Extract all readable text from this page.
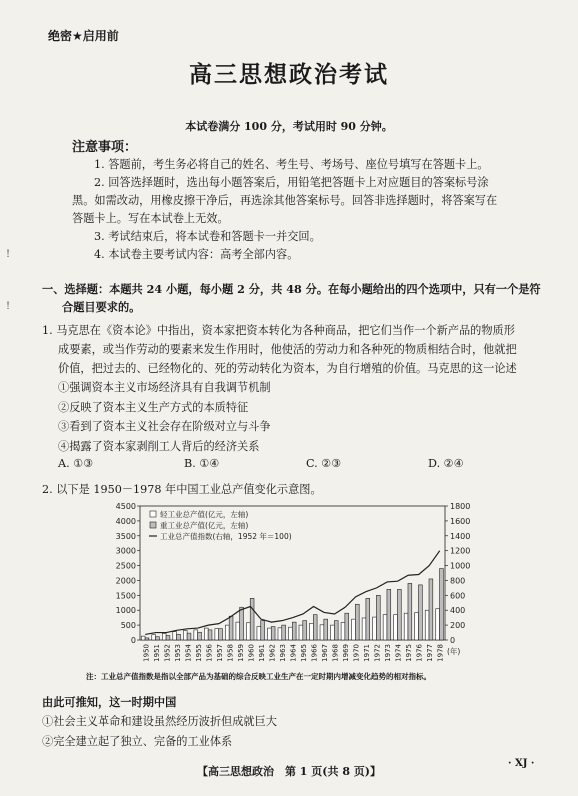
绝密★启用前
高三思想政治考试
本试卷满分 100 分，考试用时 90 分钟。
注意事项：
1. 答题前，考生务必将自己的姓名、考生号、考场号、座位号填写在答题卡上。
2. 回答选择题时，选出每小题答案后，用铅笔把答题卡上对应题目的答案标号涂
黑。如需改动，用橡皮擦干净后，再选涂其他答案标号。回答非选择题时，将答案写在
答题卡上。写在本试卷上无效。
3. 考试结束后，将本试卷和答题卡一并交回。
4. 本试卷主要考试内容：高考全部内容。
!
!
一、选择题：本题共 24 小题，每小题 2 分，共 48 分。在每小题给出的四个选项中，只有一个是符
合题目要求的。
1. 马克思在《资本论》中指出，资本家把资本转化为各种商品，把它们当作一个新产品的物质形
成要素，或当作劳动的要素来发生作用时，他使活的劳动力和各种死的物质相结合时，他就把
价值，把过去的、已经物化的、死的劳动转化为资本，为自行增殖的价值。马克思的这一论述
①强调资本主义市场经济具有自我调节机制
②反映了资本主义生产方式的本质特征
③看到了资本主义社会存在阶级对立与斗争
④揭露了资本家剥削工人背后的经济关系
A. ①③	B. ①④	C. ②③	D. ②④
2. 以下是 1950－1978 年中国工业总产值变化示意图。
0
500
1000
1500
2000
2500
3000
3500
4000
4500
0
200
400
600
800
1000
1200
1400
1600
1800
1950 1951 1952 1953 1954 1955 1956 1957 1958 1959 1960 1961 1962 1963 1964 1965 1966 1967 1968 1969 1970 1971 1972 1973 1974 1975 1976 1977 1978 (年)
轻工业总产值(亿元，左轴)
重工业总产值(亿元，左轴)
工业总产值指数(右轴，1952 年＝100)
注：工业总产值指数是指以全部产品为基础的综合反映工业生产在一定时期内增减变化趋势的相对指标。
由此可推知，这一时期中国
①社会主义革命和建设虽然经历波折但成就巨大
②完全建立起了独立、完备的工业体系
【高三思想政治　第 1 页(共 8 页)】
· XJ ·
